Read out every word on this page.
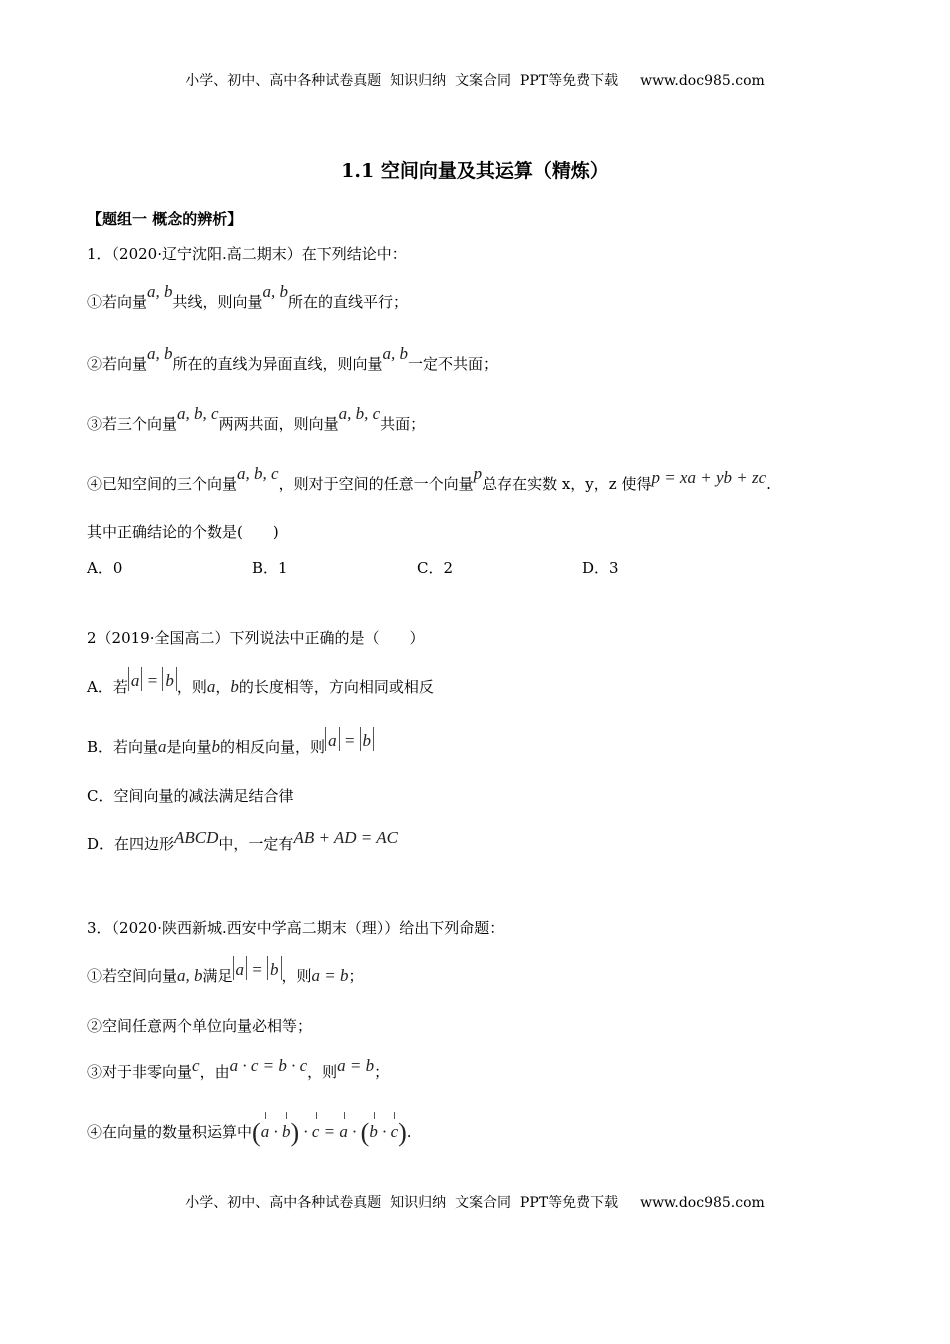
小学、初中、高中各种试卷真题  知识归纳  文案合同  PPT等免费下载 www.doc985.com
1.1 空间向量及其运算（精炼）
【题组一 概念的辨析】
1．（2020·辽宁沈阳.高二期末）在下列结论中：
①若向量a, b共线，则向量a, b所在的直线平行；
②若向量a, b所在的直线为异面直线，则向量a, b一定不共面；
③若三个向量a, b, c两两共面，则向量a, b, c共面；
④已知空间的三个向量a, b, c，则对于空间的任意一个向量p总存在实数 x，y，z 使得p = xa + yb + zc.
其中正确结论的个数是(　　)
A．0	B．1	C．2	D．3
2（2019·全国高二）下列说法中正确的是（　　）
A．若 a = b ，则a，b的长度相等，方向相同或相反
B．若向量a是向量b的相反向量，则 a = b
C．空间向量的减法满足结合律
D．在四边形ABCD中，一定有AB + AD = AC
3．（2020·陕西新城.西安中学高二期末（理））给出下列命题：
①若空间向量a, b满足 a = b ，则a = b；
②空间任意两个单位向量必相等；
③对于非零向量c，由a · c = b · c，则a = b；
④在向量的数量积运算中(a · b) · c = a · (b · c).
小学、初中、高中各种试卷真题  知识归纳  文案合同  PPT等免费下载 www.doc985.com
